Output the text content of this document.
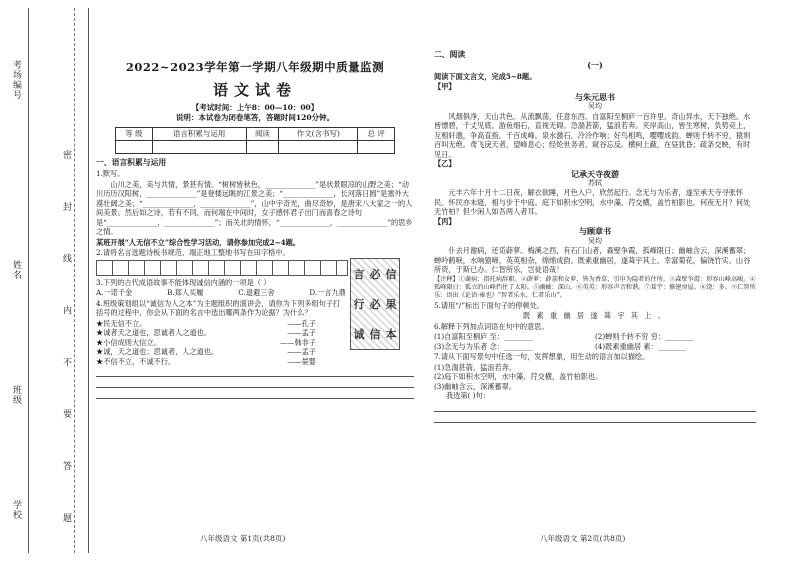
考场编号
姓名
班级
学校	密 封 线 内 不 要 答 题
2022~2023学年第一学期八年级期中质量监测
语文试卷
【考试时间：上午8：00—10：00】
说明：本试卷为闭卷笔答，答题时间120分钟。
等 级	语言积累与运用	阅读	作文(含书写)	总 评

一、语言积累与运用
1.默写。

山川之美，美与共情，景甚有情。“树树皆秋色，______________”是状景眼凉的山野之美；“动川历历汉阳树，______________”是登楼远眺的江景之美；“______________，长河落日圆”是塞外大漠壮阔之美；“______________，______________”，山中宇奇光，曲尽奇妙，是唐宋八大家之一的人间美景。然后如之诗，若有不同，而何端在中间时，女子感怀君子出门而喜春之诗句是“______________，______________”；而关北的情怀，“______________，______________”的思乡之情。

某班开展“人无信不立”综合性学习活动，请你参加完成2~4题。
2.请将名言选题诗板书规范、端正地工整地书写在田字格中。
3.下列的古代成语故事不能体现诚信内涵的一项是（ ）
A.一诺千金	B.郑人买履	C.退避三舍	D.一言九鼎
4.班级策划组以“诚信为人之本”为主题组织的演讲会，请你为下列多组句子打括号的过程中，你会从下面的名言中选出哪两条作为论据？为什么？
★民无信不立。	——孔子
★诚者天之道也，思诚者人之道也。	——孟子
★小信成则大信立。	——韩非子
★诚，天之道也；思诚者，人之道也。	——孟子
★不信不立，不诚不行。	——晏婴
言 必 信
行 必 果
诚 信 本
八年级语文 第1页(共8页)
二、阅读
(一)
阅读下面文言文，完成5~8题。
【甲】
与朱元思书
吴均

风烟俱净，天山共色。从流飘荡，任意东西。自富阳至桐庐一百许里，奇山异水，天下独绝。水皆缥碧，千丈见底。游鱼细石，直视无碍。急湍甚箭，猛浪若奔。夹岸高山，皆生寒树，负势竞上，互相轩邈，争高直指，千百成峰。泉水激石，泠泠作响；好鸟相鸣，嘤嘤成韵。蝉则千转不穷，猿则百叫无绝。鸢飞戾天者，望峰息心；经纶世务者，窥谷忘反。横柯上蔽，在昼犹昏；疏条交映，有时见日。

【乙】
记承天寺夜游
苏轼

元丰六年十月十二日夜，解衣欲睡，月色入户，欣然起行。念无与为乐者，遂至承天寺寻张怀民。怀民亦未寝，相与步于中庭。庭下如积水空明，水中藻、荇交横，盖竹柏影也。何夜无月？何处无竹柏？但少闲人如吾两人者耳。

【丙】
与顾章书
吴均

仆去月谢病，还觅薜萝。梅溪之西，有石门山者，森壁争霞，孤峰限日；幽岫含云，深溪蓄翠；蝉吟鹤唳，水响猿啼，英英相杂，绵绵成韵。既素重幽居，遂葺宇其上。幸富菊花，偏饶竹实。山谷所资，于斯已办。仁智所乐，岂徒语哉！

【注释】①谢病：指托病辞职。②薜萝：薜荔和女萝，皆为香草，引申为隐者的住所。③森壁争霞：形容山峰高峻。④孤峰限日：孤立的山峰挡住了太阳。⑤幽岫：深山。⑥英英：形容声音和谐。⑦葺宇：修建房屋。⑧饶：多。⑨仁智所乐：语出《论语·雍也》“智者乐水，仁者乐山”。
5.请用“/”标出下面句子的停顿处。
既 素 重 幽 居 遂 葺 宇 其 上 。
6.解释下列加点词语在句中的意思。
(1)自富阳至桐庐 至：________	(2)蝉则千转不穷 穷：________
(3)念无与为乐者 念：________	(4)既素重幽居 素：________
7.请从下面写景句中任选一句，发挥想象，用生动的语言加以描绘。
(1)急湍甚箭，猛浪若奔。
(2)庭下如积水空明，水中藻、荇交横，盖竹柏影也。
(3)幽岫含云，深溪蓄翠。
我选第( )句：
八年级语文 第2页(共8页)
